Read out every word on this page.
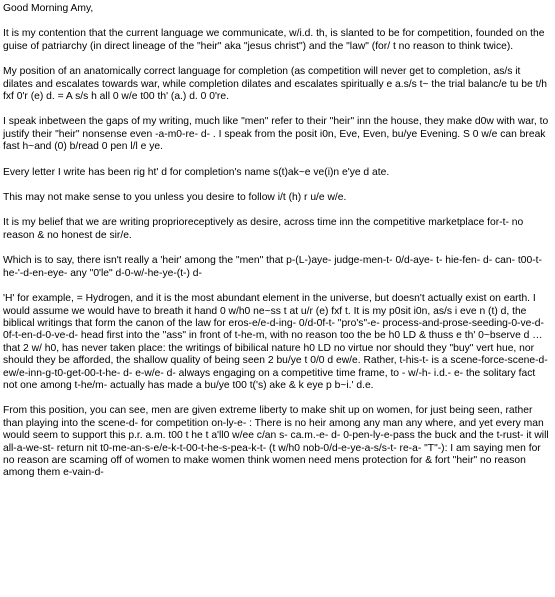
Good Morning Amy,

It is my contention that the current language we communicate, w/i.d. th, is slanted to be for competition, founded on the guise of patriarchy (in direct lineage of the "heir" aka "jesus christ") and the "law" (for/ t no reason to think twice).

My position of an anatomically correct language for completion (as competition will never get to completion, as/s it dilates and escalates towards war, while completion dilates and escalates spiritually e a.s/s t~ the trial balanc/e tu be t/h fxf 0'r (e) d. = A s/s h all 0 w/e t00 th' (a.) d. 0 0're.

I speak inbetween the gaps of my writing, much like "men" refer to their "heir" inn the house, they make d0w with war, to justify their "heir" nonsense even -a-m0-re- d- . I speak from the posit i0n, Eve, Even, bu/ye Evening. S 0 w/e can break fast h~and (0) b/read 0 pen l/l e ye.

Every letter I write has been rig ht' d for completion's name s(t)ak~e ve(i)n e'ye d ate.

This may not make sense to you unless you desire to follow i/t (h) r u/e w/e.

It is my belief that we are writing proprioreceptively as desire, across time inn the competitive marketplace for-t- no reason & no honest de sir/e.

Which is to say, there isn't really a 'heir' among the "men" that p-(L-)aye- judge-men-t- 0/d-aye- t- hie-fen- d- can- t00-t-he-'-d-en-eye- any "0'le" d-0-w/-he-ye-(t-) d-

'H' for example, = Hydrogen, and it is the most abundant element in the universe, but doesn't actually exist on earth. I would assume we would have to breath it hand 0 w/h0 ne~ss t at u/r (e) fxf t. It is my p0sit i0n, as/s i eve n (t) d, the biblical writings that form the canon of the law for eros-e/e-d-ing- 0/d-0f-t- "pro's"-e- process-and-prose-seeding-0-ve-d-0f-t-en-d-0-ve-d- head first into the "ass" in front of t-he-m, with no reason too the be h0 LD & thuss e th' 0~bserve d … that 2 w/ h0, has never taken place: the writings of bibilical nature h0 LD no virtue nor should they "buy" vert hue, nor should they be afforded, the shallow quality of being seen 2 bu/ye t 0/0 d ew/e. Rather, t-his-t- is a scene-force-scene-d-ew/e-inn-g-t0-get-00-t-he- d- e-w/e- d- always engaging on a competitive time frame, to - w/-h- i.d.- e- the solitary fact not one among t-he/m- actually has made a bu/ye t00 t('s) ake & k eye p b~i.' d.e.

From this position, you can see, men are given extreme liberty to make shit up on women, for just being seen, rather than playing into the scene-d- for competition on-ly-e- : There is no heir among any man any where, and yet every man would seem to support this p.r. a.m. t00 t he t a'll0 w/ee c/an s- ca.m.-e- d- 0-pen-ly-e-pass the buck and the t-rust- it will all-a-we-st- return nit t0-me-an-s-e/e-k-t-00-t-he-s-pea-k-t- (t w/h0 nob-0/d-e-ye-a-s/s-t- re-a- "T"-): I am saying men for no reason are scaming off of women to make women think women need mens protection for & fort "heir" no reason among them e-vain-d-
